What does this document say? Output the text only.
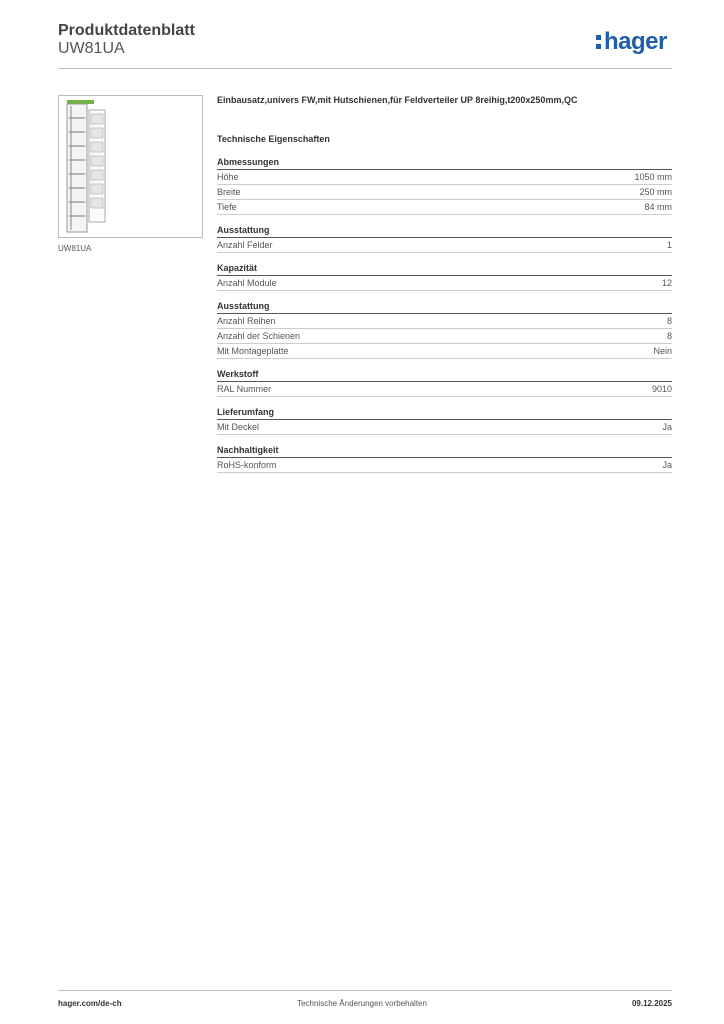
Produktdatenblatt
UW81UA	hager
UW81UA
Einbausatz,univers FW,mit Hutschienen,für Feldverteiler UP 8reihig,t200x250mm,QC
Technische Eigenschaften
Abmessungen
Höhe	1050 mm
Breite	250 mm
Tiefe	84 mm
Ausstattung
Anzahl Felder	1
Kapazität
Anzahl Module	12
Ausstattung
Anzahl Reihen	8
Anzahl der Schienen	8
Mit Montageplatte	Nein
Werkstoff
RAL Nummer	9010
Lieferumfang
Mit Deckel	Ja
Nachhaltigkeit
RoHS-konform	Ja
hager.com/de-ch	Technische Änderungen vorbehalten	09.12.2025
